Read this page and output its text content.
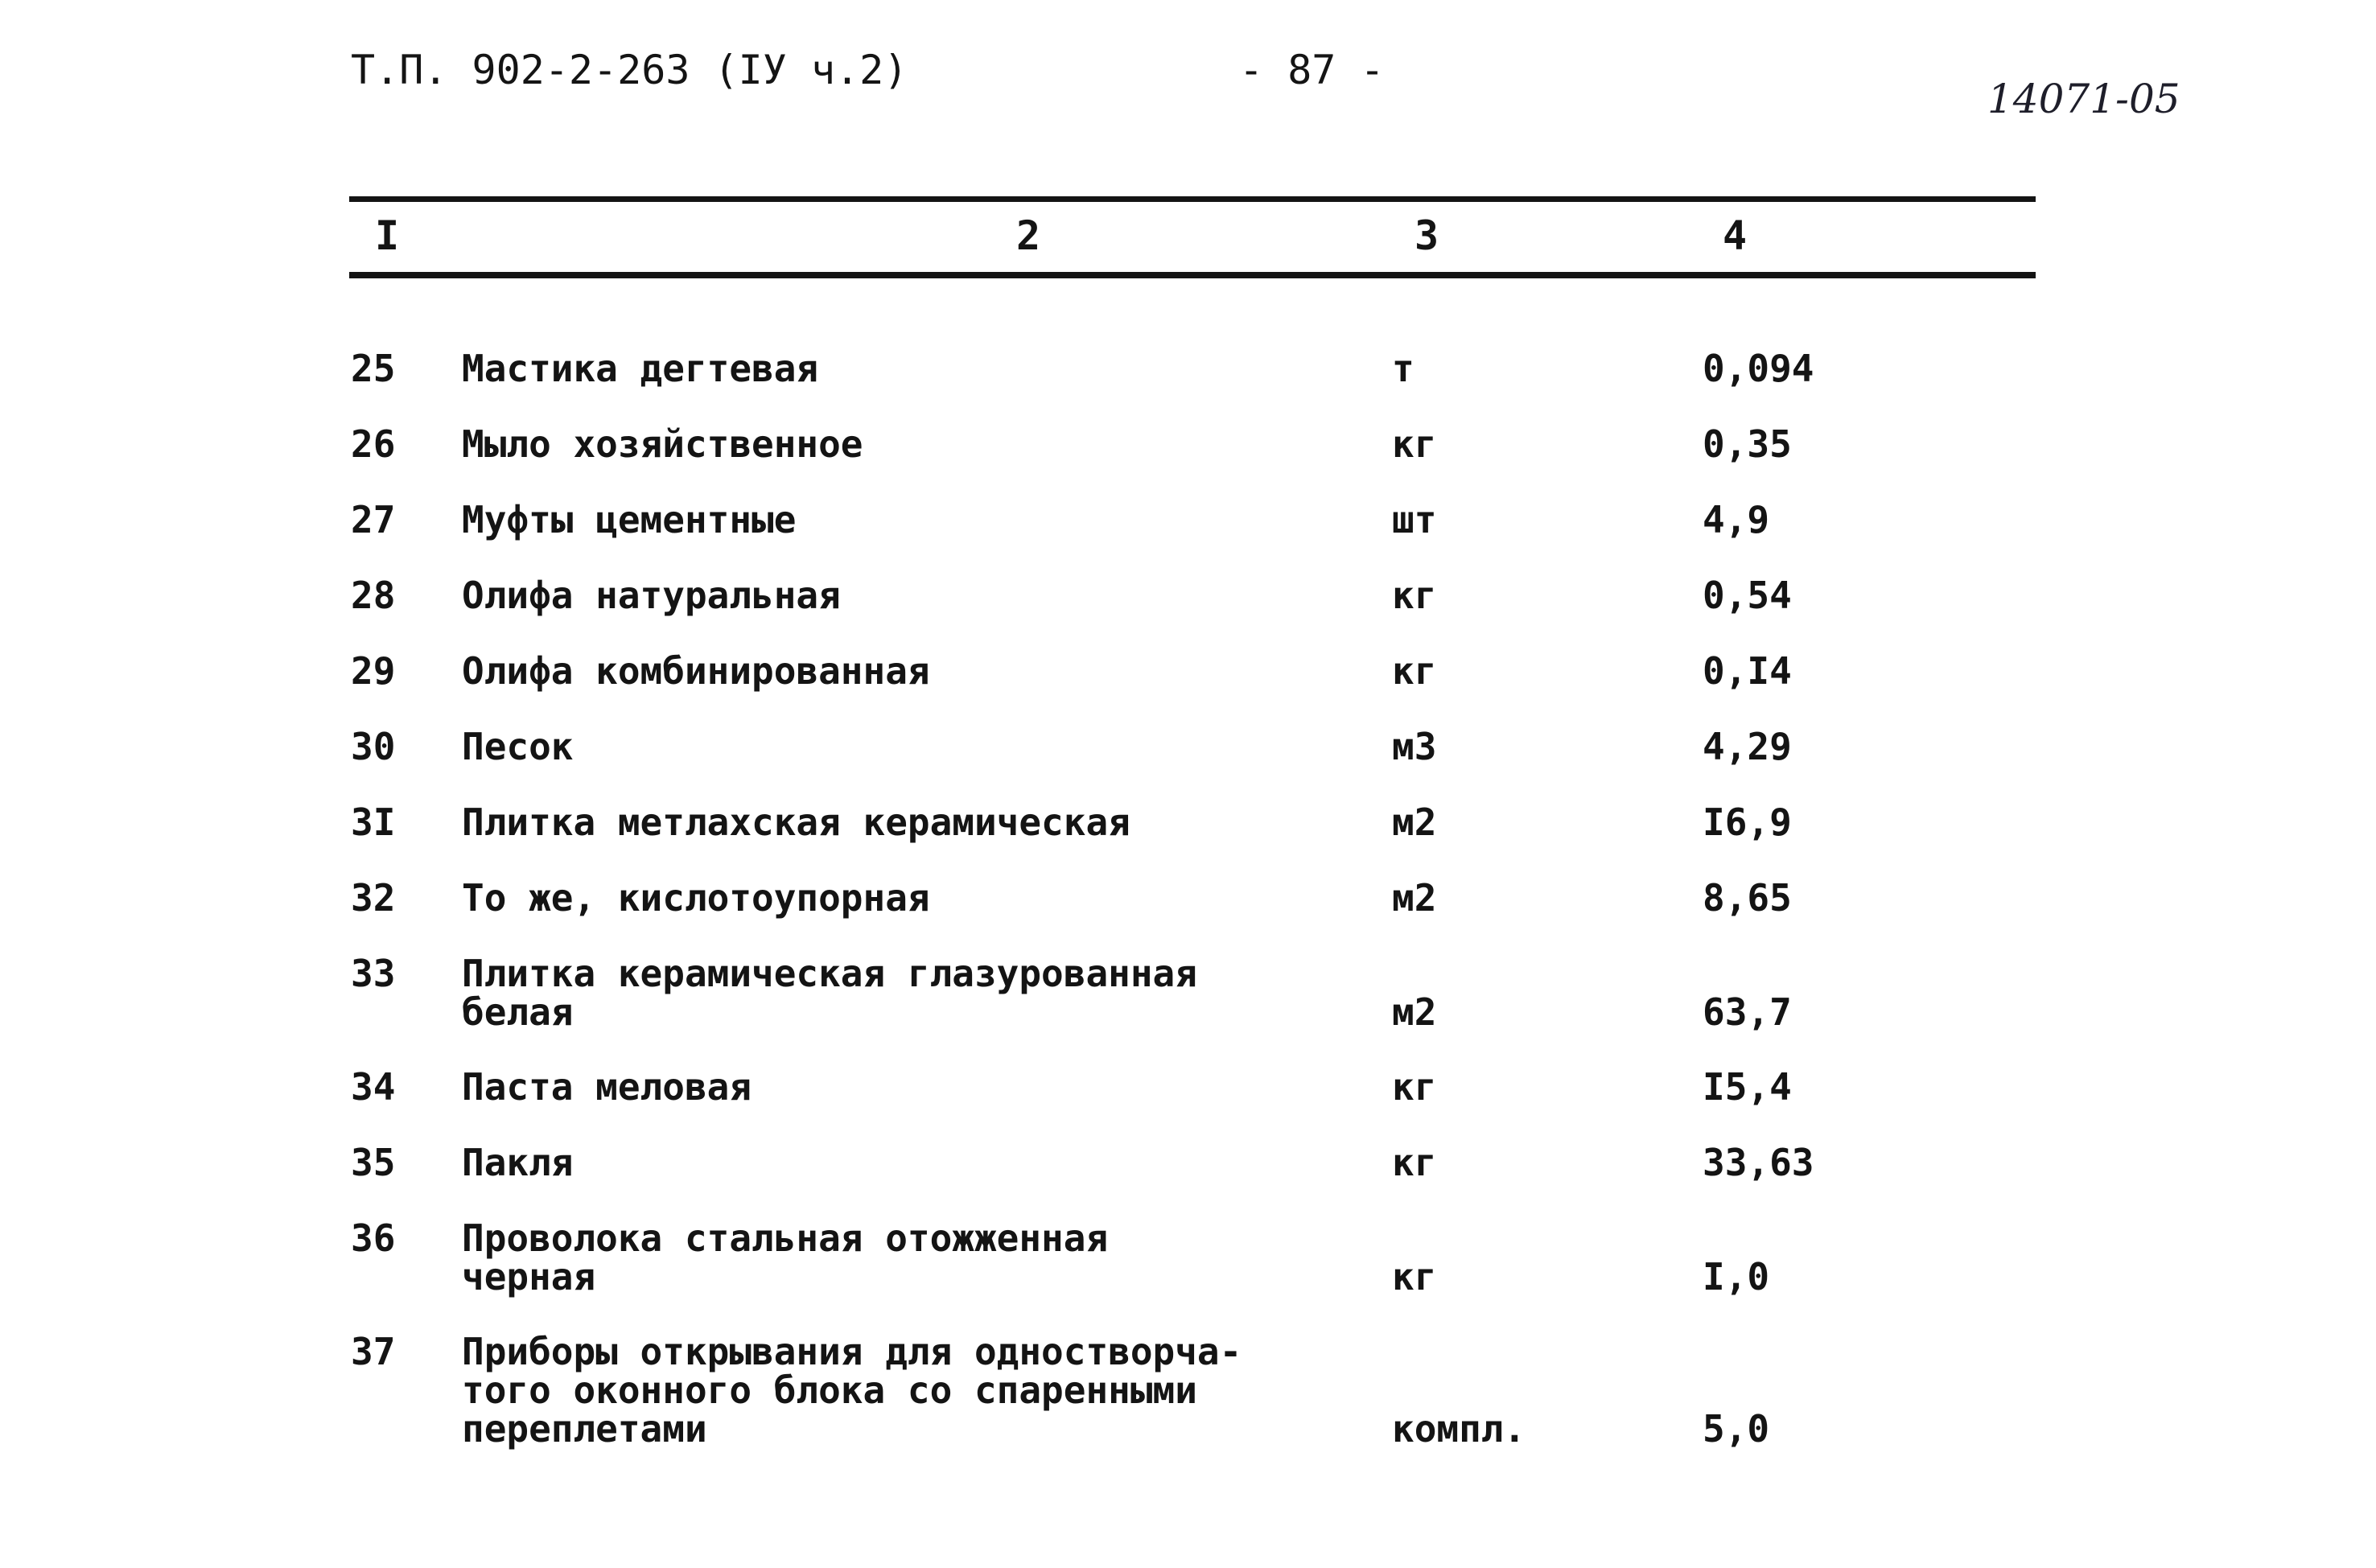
Т.П. 902-2-263 (IУ ч.2)	- 87 -
14071-05
I	2	3	4
25 Мастика дегтевая	т	0,094
26 Мыло хозяйственное	кг	0,35
27 Муфты цементные	шт	4,9
28 Олифа натуральная	кг	0,54
29 Олифа комбинированная	кг	0,I4
30 Песок	м3	4,29
3I Плитка метлахская керамическая	м2	I6,9
32 То же, кислотоупорная	м2	8,65
33 Плитка керамическая глазурованная
белая	м2	63,7
34 Паста меловая	кг	I5,4
35 Пакля	кг	33,63
36 Проволока стальная отожженная
черная	кг	I,0
37 Приборы открывания для одностворча-
того оконного блока со спаренными
переплетами	компл.	5,0
